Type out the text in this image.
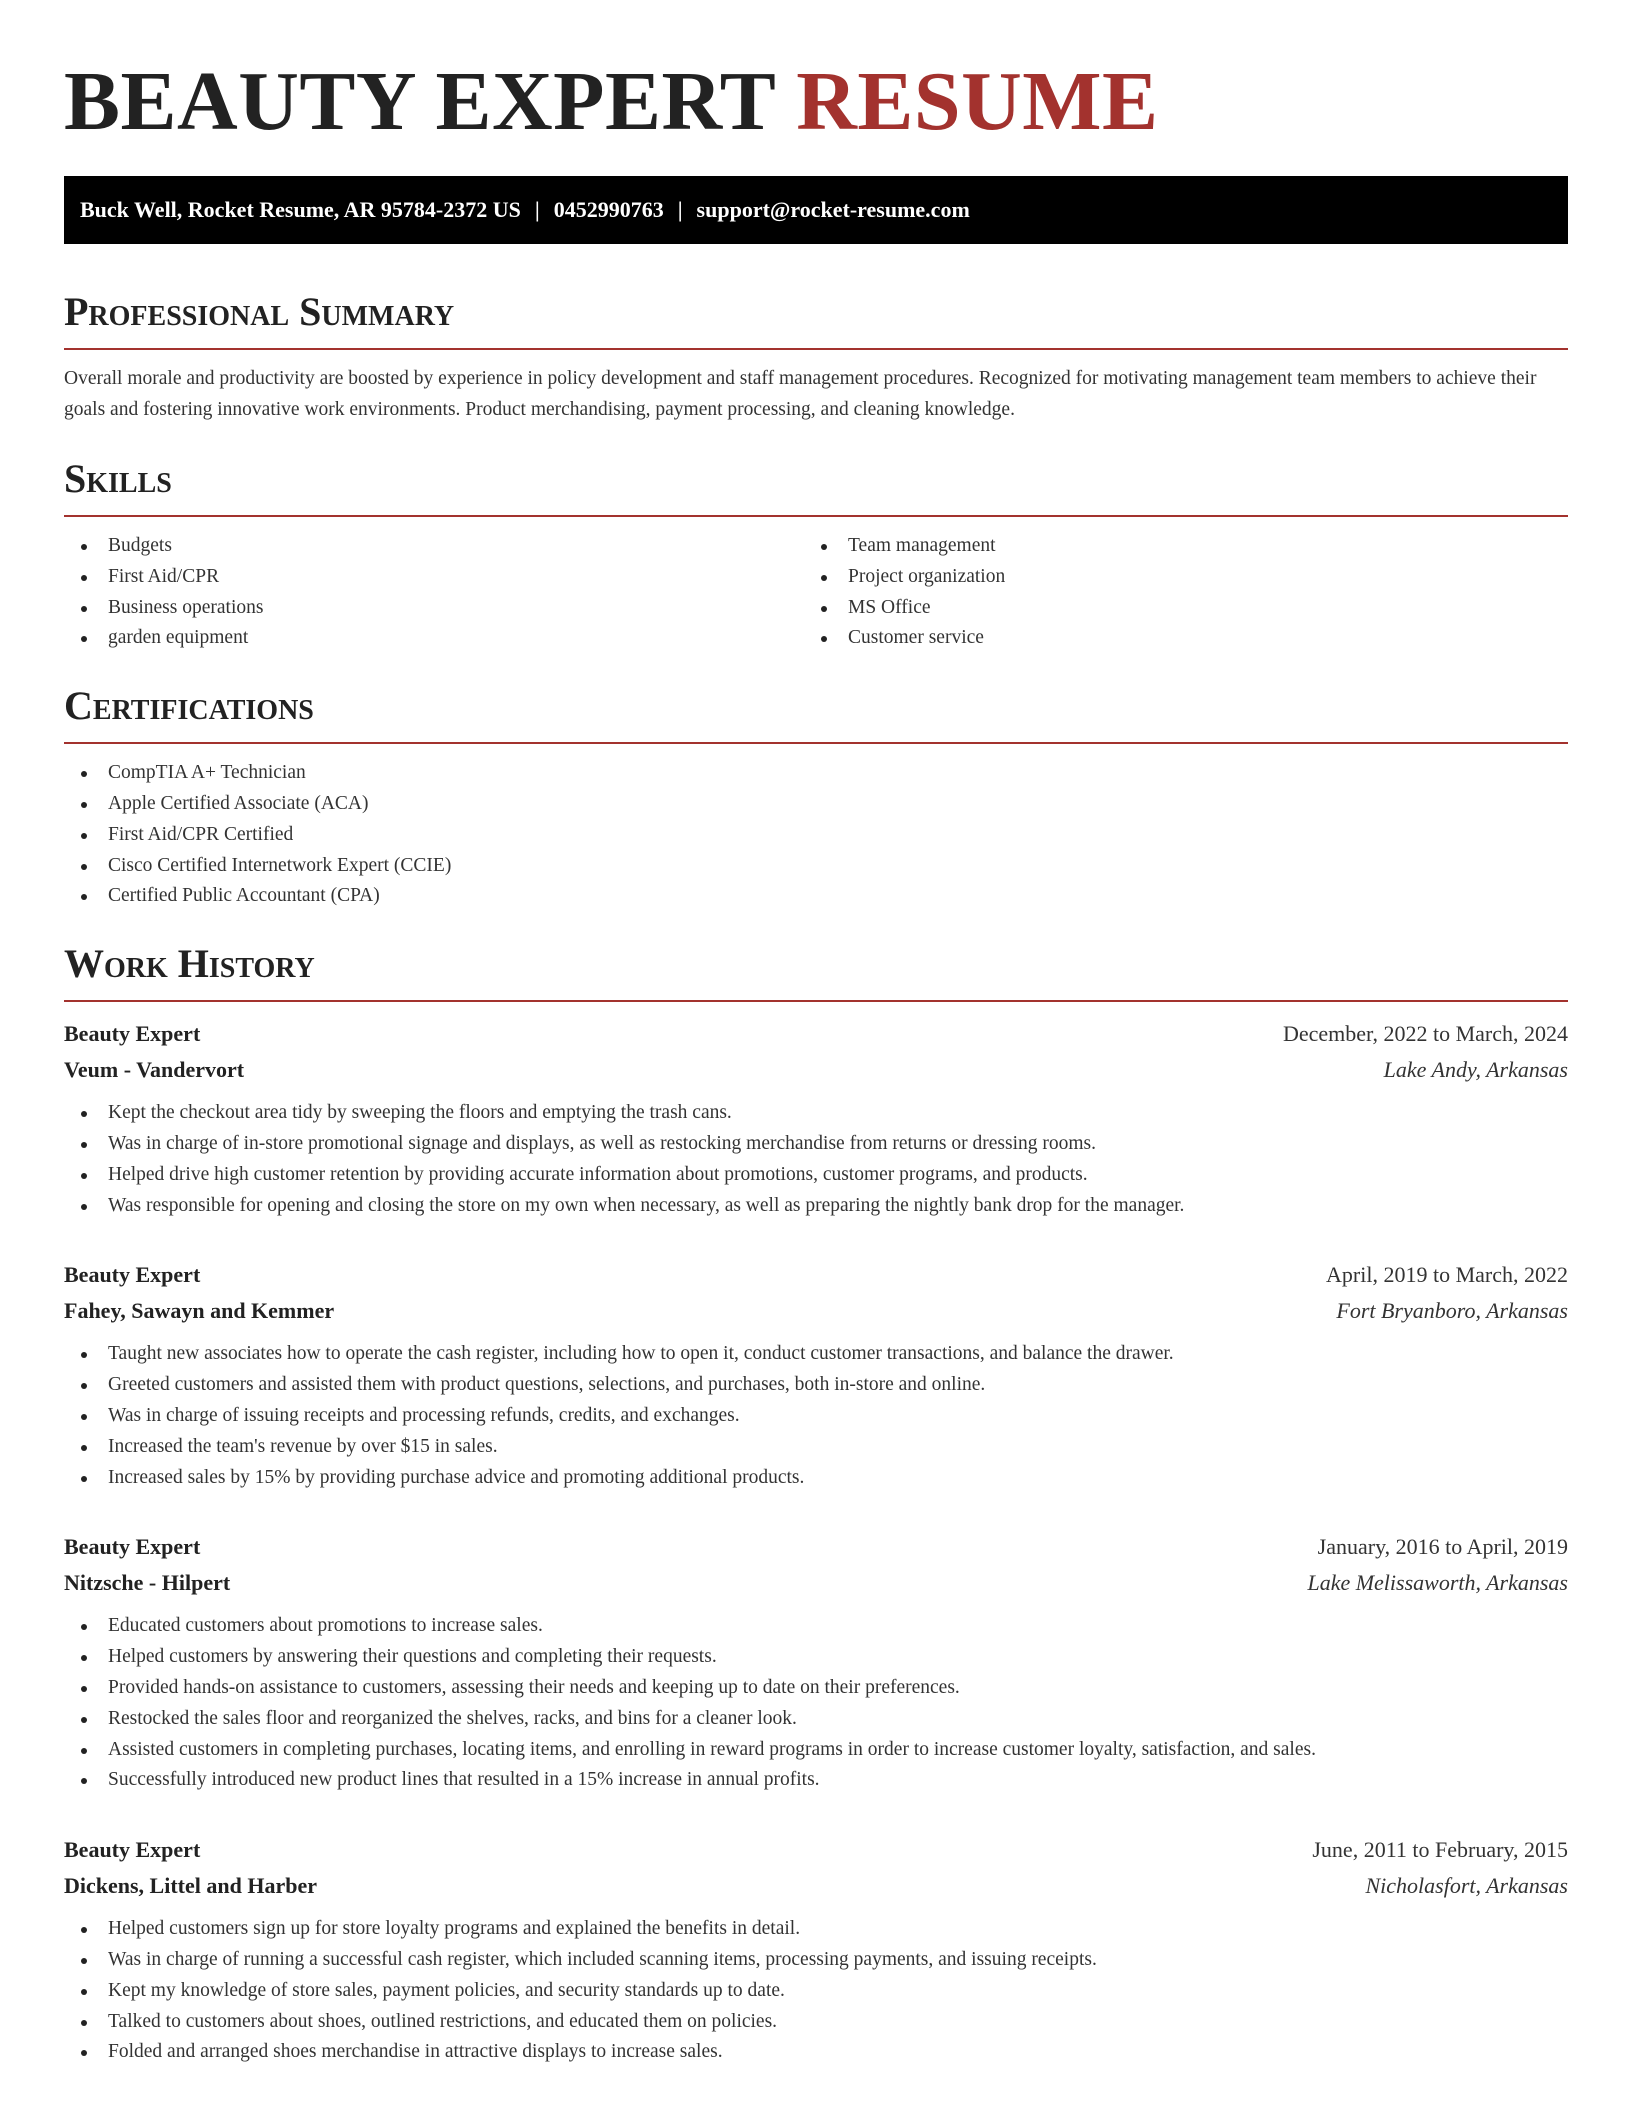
BEAUTY EXPERT RESUME
Buck Well, Rocket Resume, AR 95784-2372 US | 0452990763 | support@rocket-resume.com
Professional Summary

Overall morale and productivity are boosted by experience in policy development and staff management procedures. Recognized for motivating management team members to achieve their goals and fostering innovative work environments. Product merchandising, payment processing, and cleaning knowledge.

Skills
Budgets
First Aid/CPR
Business operations
garden equipment
Team management
Project organization
MS Office
Customer service
Certifications
CompTIA A+ Technician
Apple Certified Associate (ACA)
First Aid/CPR Certified
Cisco Certified Internetwork Expert (CCIE)
Certified Public Accountant (CPA)
Work History
Beauty Expert	December, 2022 to March, 2024
Veum - Vandervort	Lake Andy, Arkansas
Kept the checkout area tidy by sweeping the floors and emptying the trash cans.
Was in charge of in-store promotional signage and displays, as well as restocking merchandise from returns or dressing rooms.
Helped drive high customer retention by providing accurate information about promotions, customer programs, and products.
Was responsible for opening and closing the store on my own when necessary, as well as preparing the nightly bank drop for the manager.
Beauty Expert	April, 2019 to March, 2022
Fahey, Sawayn and Kemmer	Fort Bryanboro, Arkansas
Taught new associates how to operate the cash register, including how to open it, conduct customer transactions, and balance the drawer.
Greeted customers and assisted them with product questions, selections, and purchases, both in-store and online.
Was in charge of issuing receipts and processing refunds, credits, and exchanges.
Increased the team's revenue by over $15 in sales.
Increased sales by 15% by providing purchase advice and promoting additional products.
Beauty Expert	January, 2016 to April, 2019
Nitzsche - Hilpert	Lake Melissaworth, Arkansas
Educated customers about promotions to increase sales.
Helped customers by answering their questions and completing their requests.
Provided hands-on assistance to customers, assessing their needs and keeping up to date on their preferences.
Restocked the sales floor and reorganized the shelves, racks, and bins for a cleaner look.
Assisted customers in completing purchases, locating items, and enrolling in reward programs in order to increase customer loyalty, satisfaction, and sales.
Successfully introduced new product lines that resulted in a 15% increase in annual profits.
Beauty Expert	June, 2011 to February, 2015
Dickens, Littel and Harber	Nicholasfort, Arkansas
Helped customers sign up for store loyalty programs and explained the benefits in detail.
Was in charge of running a successful cash register, which included scanning items, processing payments, and issuing receipts.
Kept my knowledge of store sales, payment policies, and security standards up to date.
Talked to customers about shoes, outlined restrictions, and educated them on policies.
Folded and arranged shoes merchandise in attractive displays to increase sales.
